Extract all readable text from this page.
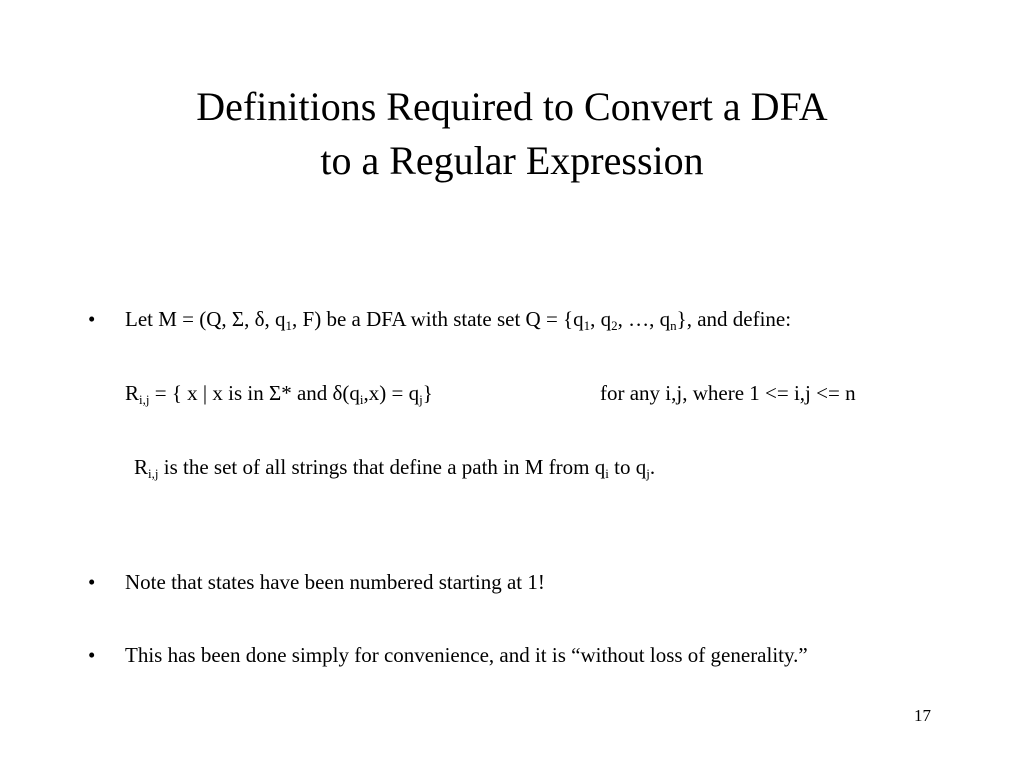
Definitions Required to Convert a DFA
to a Regular Expression
• Let M = (Q, Σ, δ, $q_1$, F) be a DFA with state set $Q = \{q_1$, $q_2$, …, $q_n$}, and define:
$R_{i,j}$ = { x | x is in Σ* and $\delta(q_i,x) = q_j$}	for any i,j, where 1 <= i,j <= n
$R_{i,j}$ is the set of all strings that define a path in M from $q_i$ to $q_j$.
• Note that states have been numbered starting at 1!
• This has been done simply for convenience, and it is “without loss of generality.”
17
